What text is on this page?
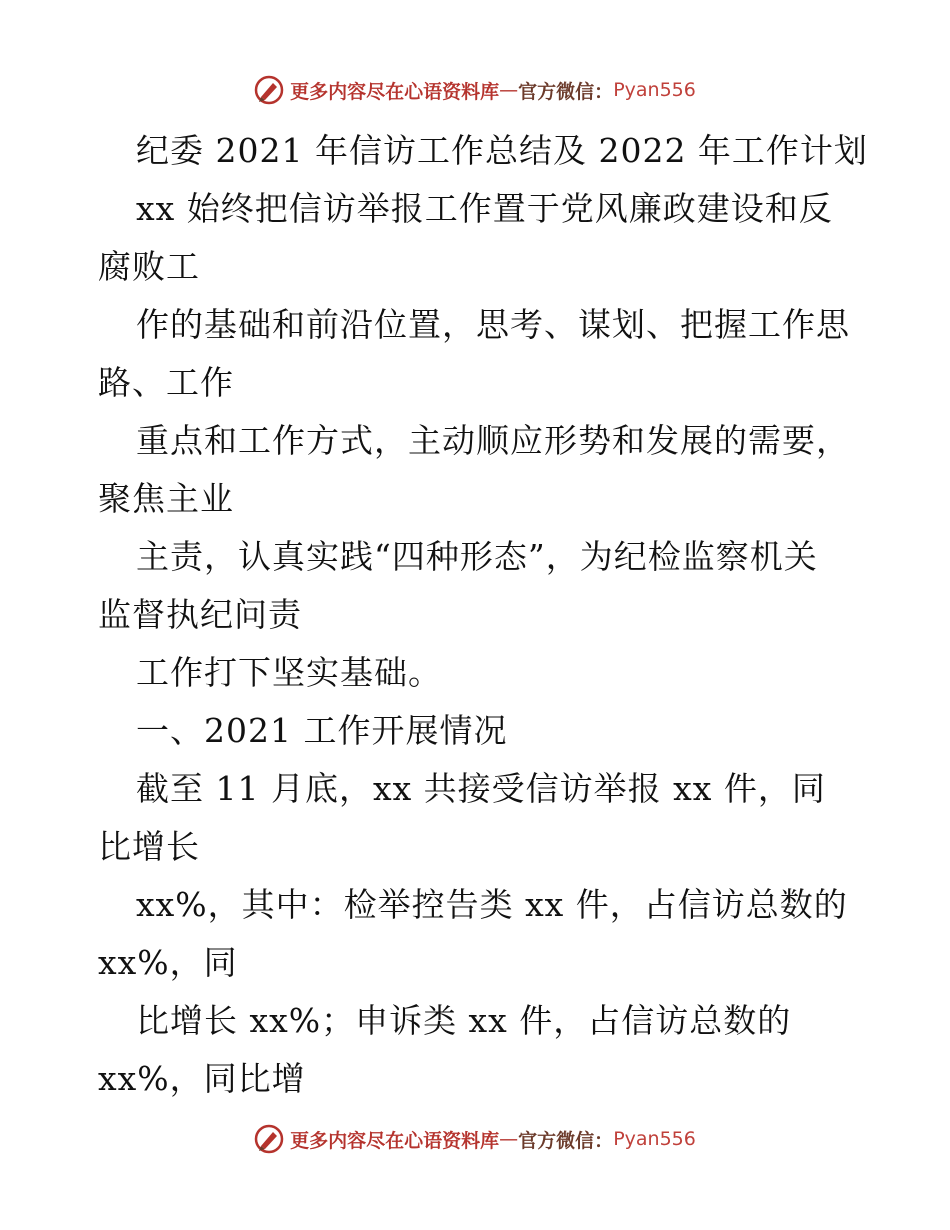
更多内容尽在心语资料库 — 官方微信： Pyan556
纪委 2021 年信访工作总结及 2022 年工作计划
xx 始终把信访举报工作置于党风廉政建设和反
腐败工
作的基础和前沿位置，思考、谋划、把握工作思
路、工作
重点和工作方式，主动顺应形势和发展的需要，
聚焦主业
主责，认真实践“四种形态”，为纪检监察机关
监督执纪问责
工作打下坚实基础。
一、2021 工作开展情况
截至 11 月底，xx 共接受信访举报 xx 件，同
比增长
xx%，其中：检举控告类 xx 件，占信访总数的
xx%，同
比增长 xx%；申诉类 xx 件，占信访总数的
xx%，同比增
更多内容尽在心语资料库 — 官方微信： Pyan556
